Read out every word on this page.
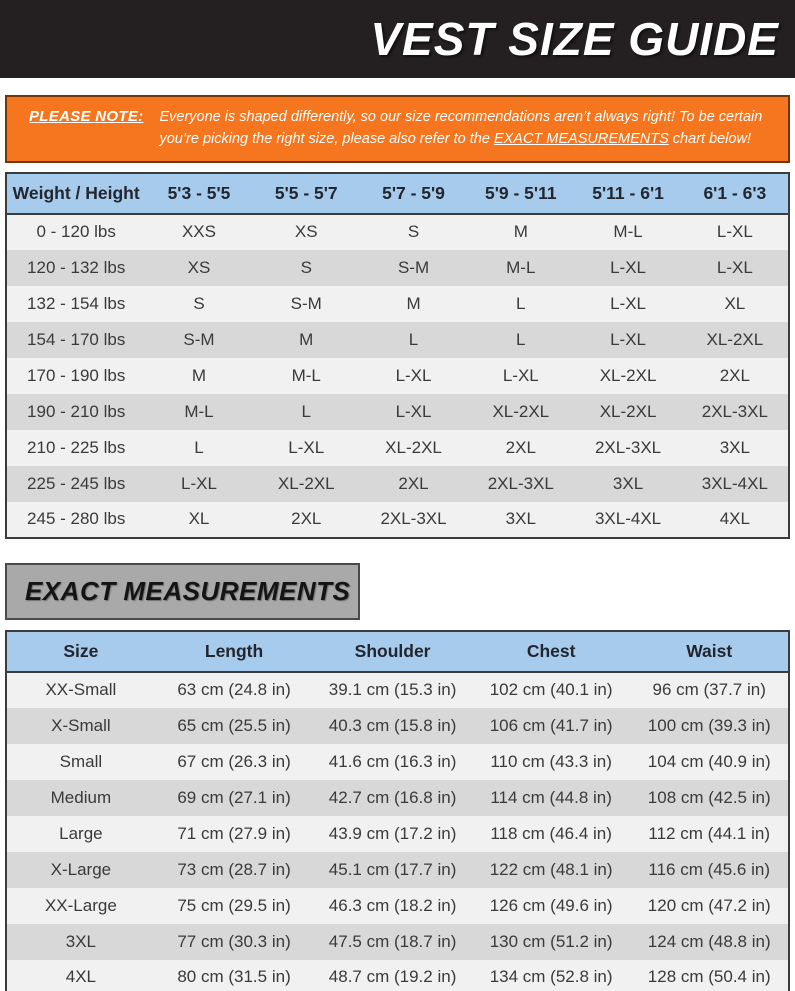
VEST SIZE GUIDE
PLEASE NOTE: Everyone is shaped differently, so our size recommendations aren’t always right! To be certain you’re picking the right size, please also refer to the EXACT MEASUREMENTS chart below!
Weight / Height	5'3 - 5'5	5'5 - 5'7	5'7 - 5'9	5'9 - 5'11	5'11 - 6'1	6'1 - 6'3
0 - 120 lbs	XXS	XS	S	M	M-L	L-XL
120 - 132 lbs	XS	S	S-M	M-L	L-XL	L-XL
132 - 154 lbs	S	S-M	M	L	L-XL	XL
154 - 170 lbs	S-M	M	L	L	L-XL	XL-2XL
170 - 190 lbs	M	M-L	L-XL	L-XL	XL-2XL	2XL
190 - 210 lbs	M-L	L	L-XL	XL-2XL	XL-2XL	2XL-3XL
210 - 225 lbs	L	L-XL	XL-2XL	2XL	2XL-3XL	3XL
225 - 245 lbs	L-XL	XL-2XL	2XL	2XL-3XL	3XL	3XL-4XL
245 - 280 lbs	XL	2XL	2XL-3XL	3XL	3XL-4XL	4XL
EXACT MEASUREMENTS
Size	Length	Shoulder	Chest	Waist
XX-Small	63 cm (24.8 in)	39.1 cm (15.3 in)	102 cm (40.1 in)	96 cm (37.7 in)
X-Small	65 cm (25.5 in)	40.3 cm (15.8 in)	106 cm (41.7 in)	100 cm (39.3 in)
Small	67 cm (26.3 in)	41.6 cm (16.3 in)	110 cm (43.3 in)	104 cm (40.9 in)
Medium	69 cm (27.1 in)	42.7 cm (16.8 in)	114 cm (44.8 in)	108 cm (42.5 in)
Large	71 cm (27.9 in)	43.9 cm (17.2 in)	118 cm (46.4 in)	112 cm (44.1 in)
X-Large	73 cm (28.7 in)	45.1 cm (17.7 in)	122 cm (48.1 in)	116 cm (45.6 in)
XX-Large	75 cm (29.5 in)	46.3 cm (18.2 in)	126 cm (49.6 in)	120 cm (47.2 in)
3XL	77 cm (30.3 in)	47.5 cm (18.7 in)	130 cm (51.2 in)	124 cm (48.8 in)
4XL	80 cm (31.5 in)	48.7 cm (19.2 in)	134 cm (52.8 in)	128 cm (50.4 in)
